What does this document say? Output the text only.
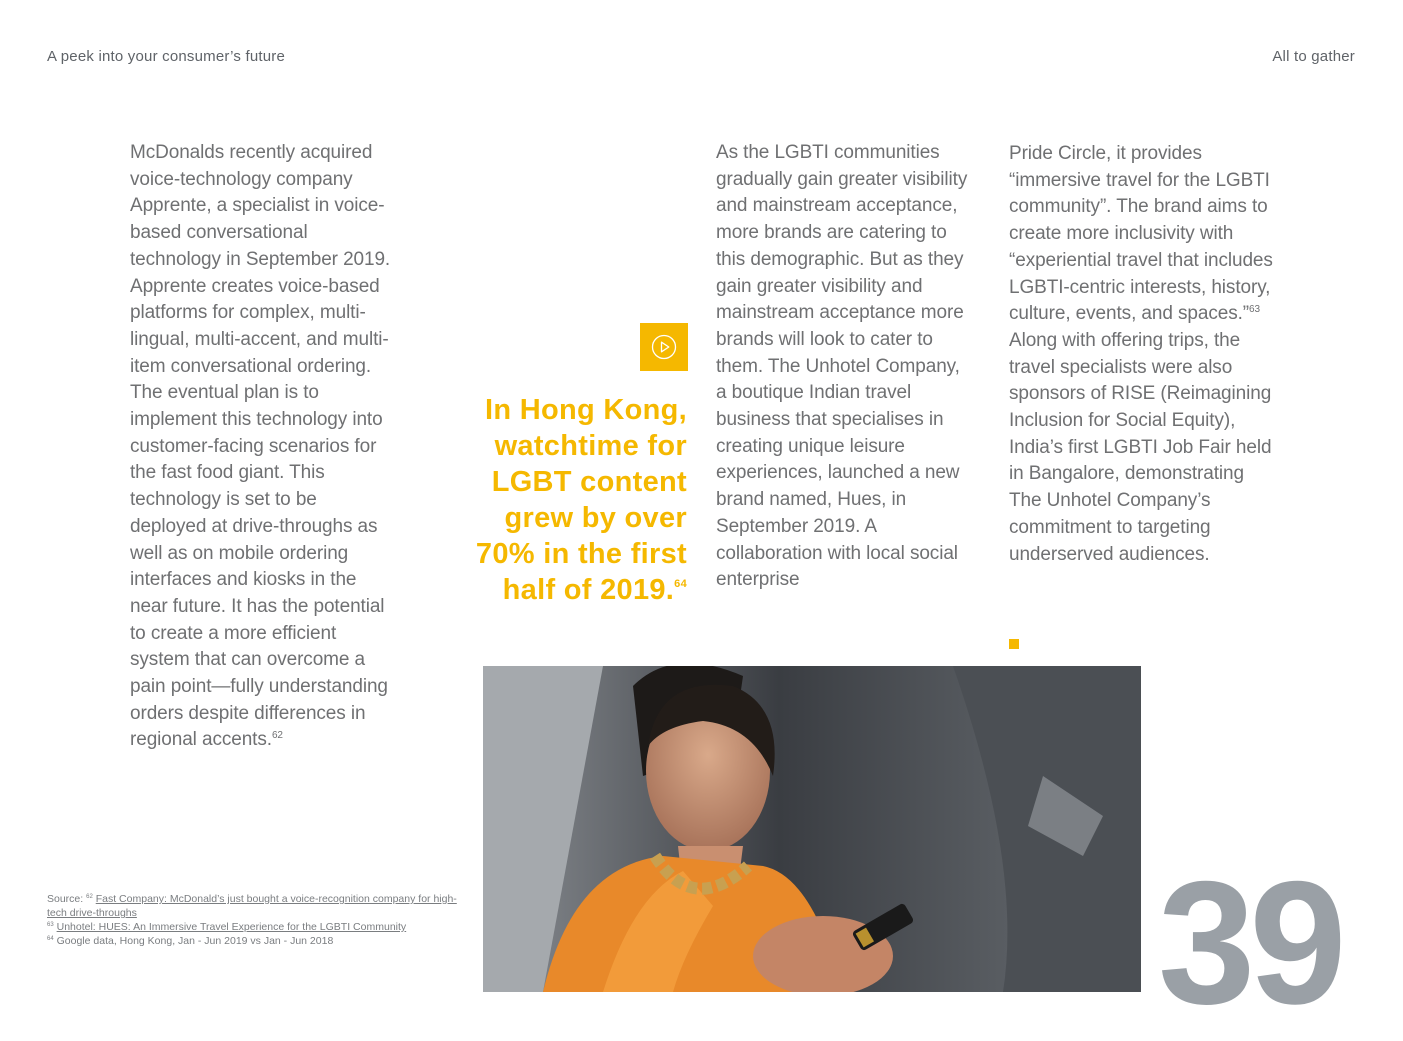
A peek into your consumer’s future	All to gather
McDonalds recently acquired voice-technology company Apprente, a specialist in voice-based conversational technology in September 2019. Apprente creates voice-based platforms for complex, multi-lingual, multi-accent, and multi-item conversational ordering. The eventual plan is to implement this technology into customer-facing scenarios for the fast food giant. This technology is set to be deployed at drive-throughs as well as on mobile ordering interfaces and kiosks in the near future. It has the potential to create a more efficient system that can overcome a pain point—fully understanding orders despite differences in regional accents.$^{62}$
In Hong Kong, watchtime for LGBT content grew by over 70% in the first half of 2019.64
As the LGBTI communities gradually gain greater visibility and mainstream acceptance, more brands are catering to this demographic. But as they gain greater visibility and mainstream acceptance more brands will look to cater to them. The Unhotel Company, a boutique Indian travel business that specialises in creating unique leisure experiences, launched a new brand named, Hues, in September 2019. A collaboration with local social enterprise
Pride Circle, it provides “immersive travel for the LGBTI community”. The brand aims to create more inclusivity with “experiential travel that includes LGBTI-centric interests, history, culture, events, and spaces.”$^{63}$ Along with offering trips, the travel specialists were also sponsors of RISE (Reimagining Inclusion for Social Equity), India’s first LGBTI Job Fair held in Bangalore, demonstrating The Unhotel Company’s commitment to targeting underserved audiences.
39
Source: $^{62}$ Fast Company: McDonald’s just bought a voice-recognition company for high-tech drive-throughs
$^{63}$ Unhotel: HUES: An Immersive Travel Experience for the LGBTI Community
$^{64}$ Google data, Hong Kong, Jan - Jun 2019 vs Jan - Jun 2018
